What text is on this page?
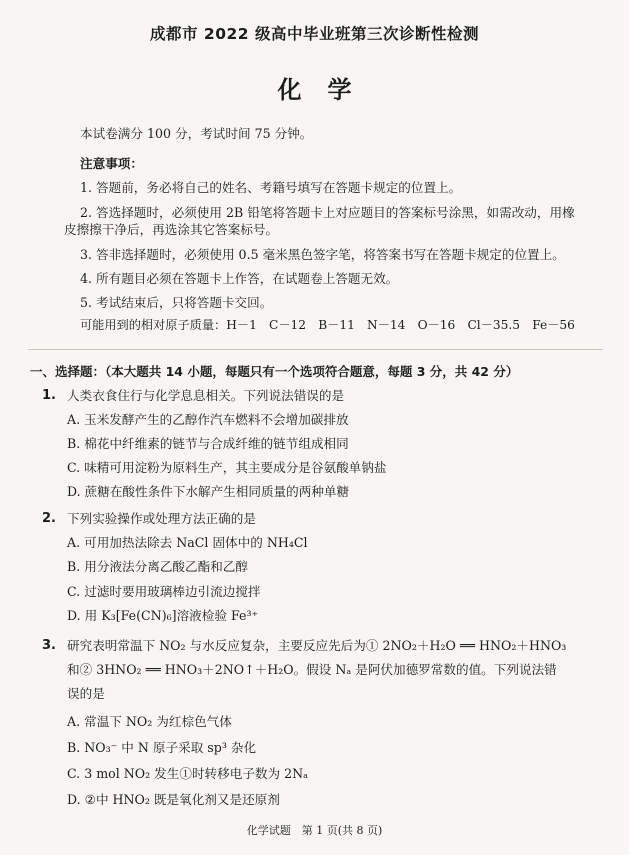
成都市 2022 级高中毕业班第三次诊断性检测
化学
本试卷满分 100 分，考试时间 75 分钟。
注意事项：
1. 答题前，务必将自己的姓名、考籍号填写在答题卡规定的位置上。
2. 答选择题时，必须使用 2B 铅笔将答题卡上对应题目的答案标号涂黑，如需改动，用橡
皮擦擦干净后，再选涂其它答案标号。
3. 答非选择题时，必须使用 0.5 毫米黑色签字笔，将答案书写在答题卡规定的位置上。
4. 所有题目必须在答题卡上作答，在试题卷上答题无效。
5. 考试结束后，只将答题卡交回。
可能用到的相对原子质量：H－1　C－12　B－11　N－14　O－16　Cl－35.5　Fe－56
一、选择题：（本大题共 14 小题，每题只有一个选项符合题意，每题 3 分，共 42 分）
1. 人类衣食住行与化学息息相关。下列说法错误的是
A. 玉米发酵产生的乙醇作汽车燃料不会增加碳排放
B. 棉花中纤维素的链节与合成纤维的链节组成相同
C. 味精可用淀粉为原料生产，其主要成分是谷氨酸单钠盐
D. 蔗糖在酸性条件下水解产生相同质量的两种单糖
2. 下列实验操作或处理方法正确的是
A. 可用加热法除去 NaCl 固体中的 NH₄Cl
B. 用分液法分离乙酸乙酯和乙醇
C. 过滤时要用玻璃棒边引流边搅拌
D. 用 K₃[Fe(CN)₆]溶液检验 Fe³⁺
3. 研究表明常温下 NO₂ 与水反应复杂，主要反应先后为① 2NO₂＋H₂O ══ HNO₂＋HNO₃
和② 3HNO₂ ══ HNO₃＋2NO↑＋H₂O。假设 Nₐ 是阿伏加德罗常数的值。下列说法错
误的是
A. 常温下 NO₂ 为红棕色气体
B. NO₃⁻ 中 N 原子采取 sp³ 杂化
C. 3 mol NO₂ 发生①时转移电子数为 2Nₐ
D. ②中 HNO₂ 既是氧化剂又是还原剂
化学试题　第 1 页(共 8 页)
